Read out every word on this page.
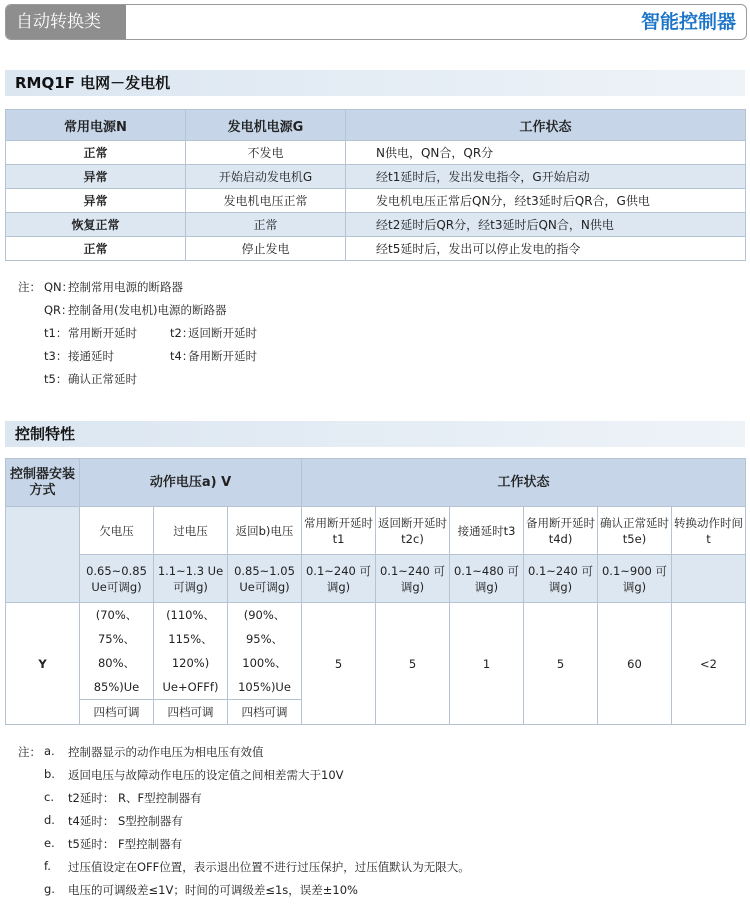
自动转换类	智能控制器
RMQ1F 电网－发电机
常用电源N	发电机电源G	工作状态
正常	不发电	N供电，QN合，QR分
异常	开始启动发电机G	经t1延时后，发出发电指令，G开始启动
异常	发电机电压正常	发电机电压正常后QN分，经t3延时后QR合，G供电
恢复正常	正常	经t2延时后QR分，经t3延时后QN合，N供电
正常	停止发电	经t5延时后，发出可以停止发电的指令
注： QN：
控制常用电源的断路器
QR：
控制备用(发电机)电源的断路器
t1： 常用断开延时	t2：
返回断开延时
t3： 接通延时	t4：
备用断开延时
t5： 确认正常延时
控制特性
控制器安装方式	动作电压a) V			工作状态					
	欠电压	过电压	返回b)电压	常用断开延时t1	返回断开延时t2c)	接通延时t3	备用断开延时t4d)	确认正常延时t5e)	转换动作时间t
	0.65~0.85 Ue可调g)	1.1~1.3 Ue可调g)	0.85~1.05 Ue可调g)	0.1~240 可调g)	0.1~240 可调g)	0.1~480 可调g)	0.1~240 可调g)	0.1~900 可调g)	
Y	(70%、 75%、 80%、 85%)Ue	(110%、 115%、 120%) Ue+OFFf)	(90%、 95%、 100%、 105%)Ue	5	5	1	5	60	<2
	四档可调	四档可调	四档可调						
注： a. 控制器显示的动作电压为相电压有效值
b. 返回电压与故障动作电压的设定值之间相差需大于10V
c. t2延时： R、F型控制器有
d. t4延时： S型控制器有
e. t5延时： F型控制器有
f. 过压值设定在OFF位置，表示退出位置不进行过压保护，过压值默认为无限大。
g. 电压的可调级差≤1V；时间的可调级差≤1s，误差±10%
